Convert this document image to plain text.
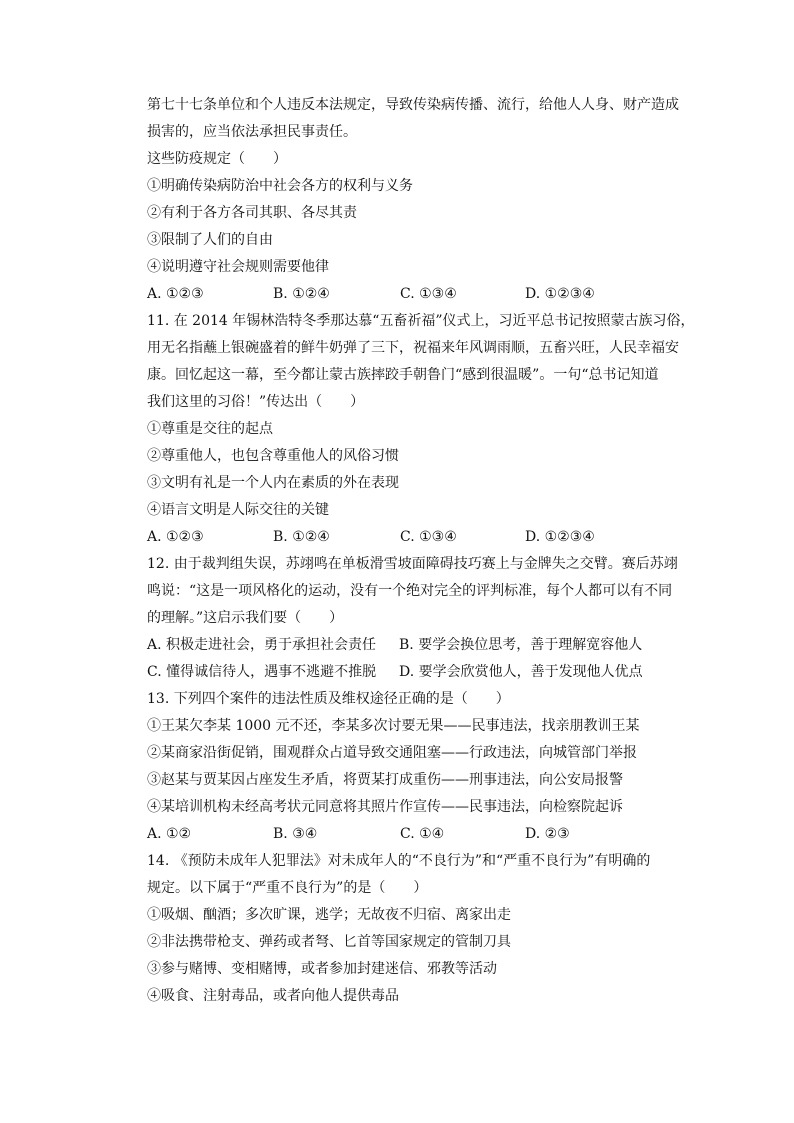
第七十七条单位和个人违反本法规定，导致传染病传播、流行，给他人人身、财产造成
损害的，应当依法承担民事责任。
这些防疫规定（　　）
①明确传染病防治中社会各方的权利与义务
②有利于各方各司其职、各尽其责
③限制了人们的自由
④说明遵守社会规则需要他律
A. ①②③	B. ①②④	C. ①③④	D. ①②③④
11. 在 2014 年锡林浩特冬季那达慕“五畜祈福”仪式上，习近平总书记按照蒙古族习俗，
用无名指蘸上银碗盛着的鲜牛奶弹了三下，祝福来年风调雨顺，五畜兴旺，人民幸福安
康。回忆起这一幕，至今都让蒙古族摔跤手朝鲁门“感到很温暖”。一句“总书记知道
我们这里的习俗！”传达出（　　）
①尊重是交往的起点
②尊重他人，也包含尊重他人的风俗习惯
③文明有礼是一个人内在素质的外在表现
④语言文明是人际交往的关键
A. ①②③	B. ①②④	C. ①③④	D. ①②③④
12. 由于裁判组失误，苏翊鸣在单板滑雪坡面障碍技巧赛上与金牌失之交臂。赛后苏翊
鸣说：“这是一项风格化的运动，没有一个绝对完全的评判标准，每个人都可以有不同
的理解。”这启示我们要（　　）
A. 积极走进社会，勇于承担社会责任 B. 要学会换位思考，善于理解宽容他人
C. 懂得诚信待人，遇事不逃避不推脱 D. 要学会欣赏他人，善于发现他人优点
13. 下列四个案件的违法性质及维权途径正确的是（　　）
①王某欠李某 1000 元不还，李某多次讨要无果——民事违法，找亲朋教训王某
②某商家沿街促销，围观群众占道导致交通阻塞——行政违法，向城管部门举报
③赵某与贾某因占座发生矛盾，将贾某打成重伤——刑事违法，向公安局报警
④某培训机构未经高考状元同意将其照片作宣传——民事违法，向检察院起诉
A. ①②	B. ③④	C. ①④	D. ②③
14. 《预防未成年人犯罪法》对未成年人的“不良行为”和“严重不良行为”有明确的
规定。以下属于“严重不良行为”的是（　　）
①吸烟、酗酒；多次旷课，逃学；无故夜不归宿、离家出走
②非法携带枪支、弹药或者弩、匕首等国家规定的管制刀具
③参与赌博、变相赌博，或者参加封建迷信、邪教等活动
④吸食、注射毒品，或者向他人提供毒品
